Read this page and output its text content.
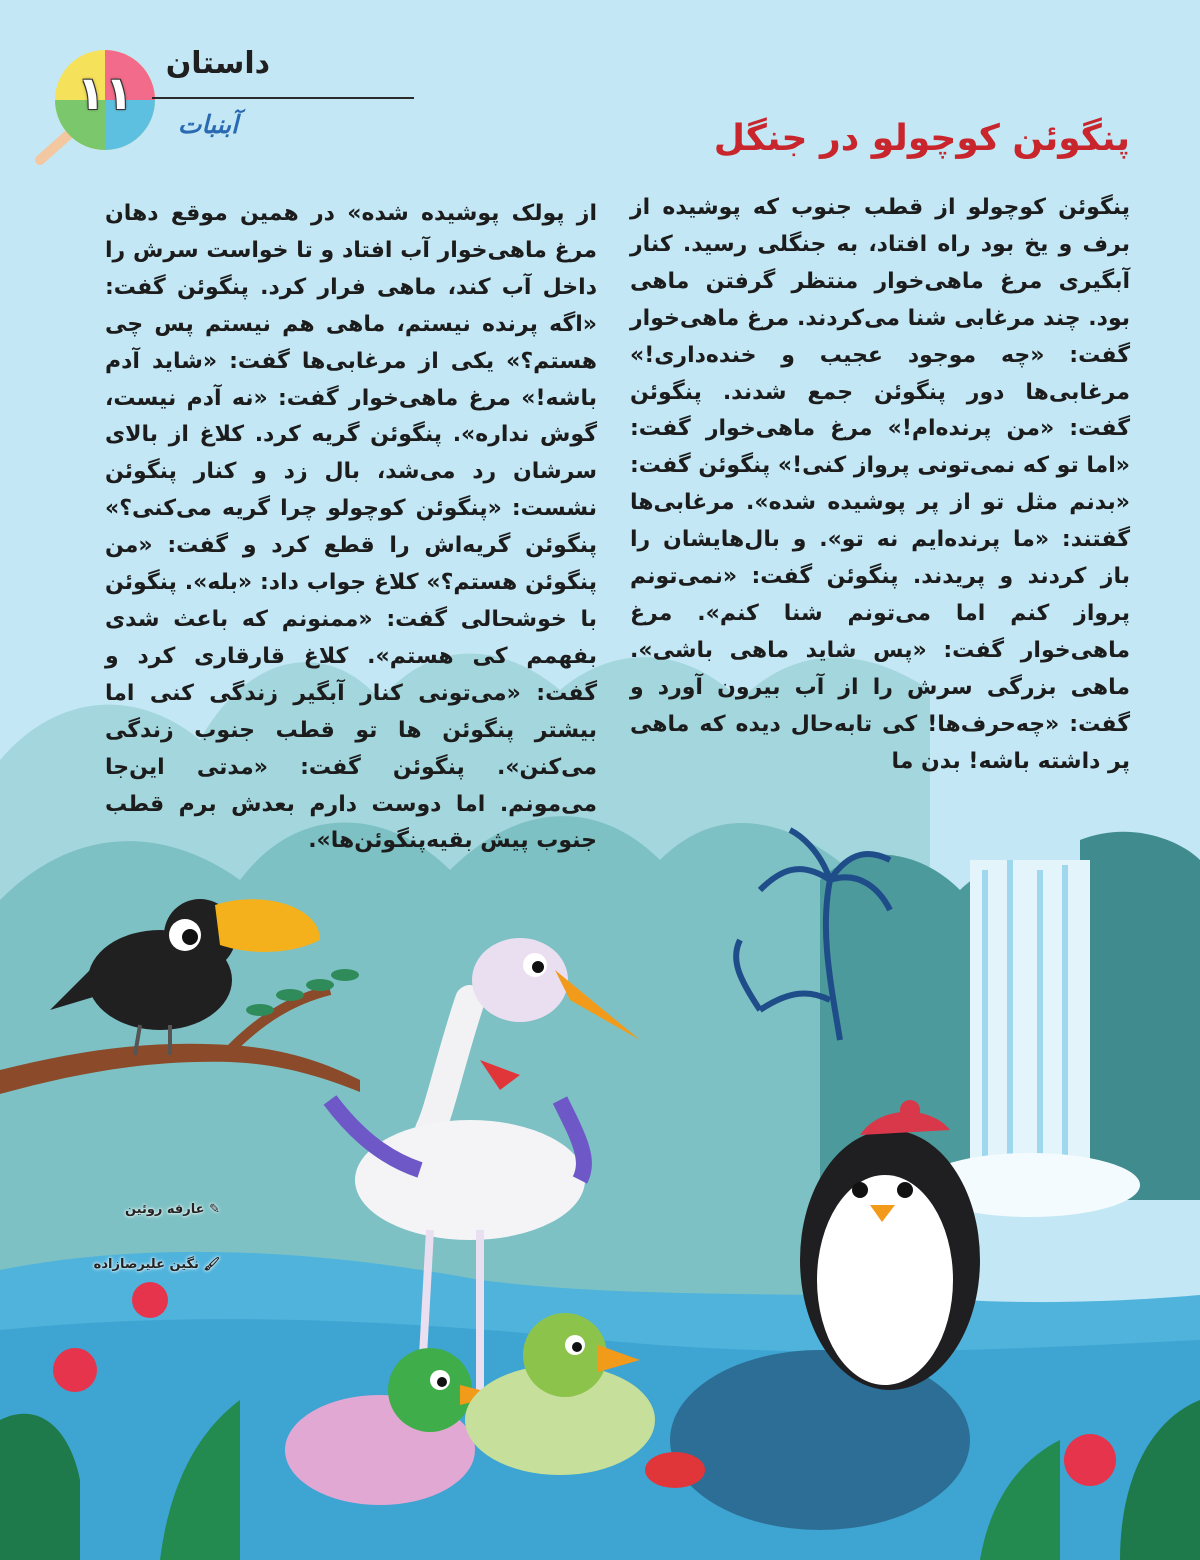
داستان
۱۱
آبنبات	پنگوئن کوچولو در جنگل
پنگوئن کوچولو از قطب جنوب که پوشیده از برف و یخ بود راه افتاد، به جنگلی رسید. کنار آبگیری مرغ ماهی‌خوار منتظر گرفتن ماهی بود. چند مرغابی شنا می‌کردند. مرغ ماهی‌خوار گفت: «چه موجود عجیب و خنده‌داری!» مرغابی‌ها دور پنگوئن جمع شدند. پنگوئن گفت: «من پرنده‌ام!» مرغ ماهی‌خوار گفت: «اما تو که نمی‌تونی پرواز کنی!» پنگوئن گفت: «بدنم مثل تو از پر پوشیده شده». مرغابی‌ها گفتند: «ما پرنده‌ایم نه تو». و بال‌هایشان را باز کردند و پریدند. پنگوئن گفت: «نمی‌تونم پرواز کنم اما می‌تونم شنا کنم». مرغ ماهی‌خوار گفت: «پس شاید ماهی باشی». ماهی بزرگی سرش را از آب بیرون آورد و گفت: «چه‌حرف‌ها! کی تابه‌حال دیده که ماهی پر داشته باشه! بدن ما
از پولک پوشیده شده» در همین موقع دهان مرغ ماهی‌خوار آب افتاد و تا خواست سرش را داخل آب کند، ماهی فرار کرد. پنگوئن گفت: «اگه پرنده نیستم، ماهی هم نیستم پس چی هستم؟» یکی از مرغابی‌ها گفت: «شاید آدم باشه!» مرغ ماهی‌خوار گفت: «نه آدم نیست، گوش نداره». پنگوئن گریه کرد. کلاغ از بالای سرشان رد می‌شد، بال زد و کنار پنگوئن نشست: «پنگوئن کوچولو چرا گریه می‌کنی؟» پنگوئن گریه‌اش را قطع کرد و گفت: «من پنگوئن هستم؟» کلاغ جواب داد: «بله». پنگوئن با خوشحالی گفت: «ممنونم که باعث شدی بفهمم کی هستم». کلاغ قارقاری کرد و گفت: «می‌تونی کنار آبگیر زندگی کنی اما بیشتر پنگوئن ها تو قطب جنوب زندگی می‌کنن». پنگوئن گفت: «مدتی این‌جا می‌مونم. اما دوست دارم بعدش برم قطب جنوب پیش بقیه‌پنگوئن‌ها».
✎ عارفه روئین
🖌 نگین علیرضازاده
